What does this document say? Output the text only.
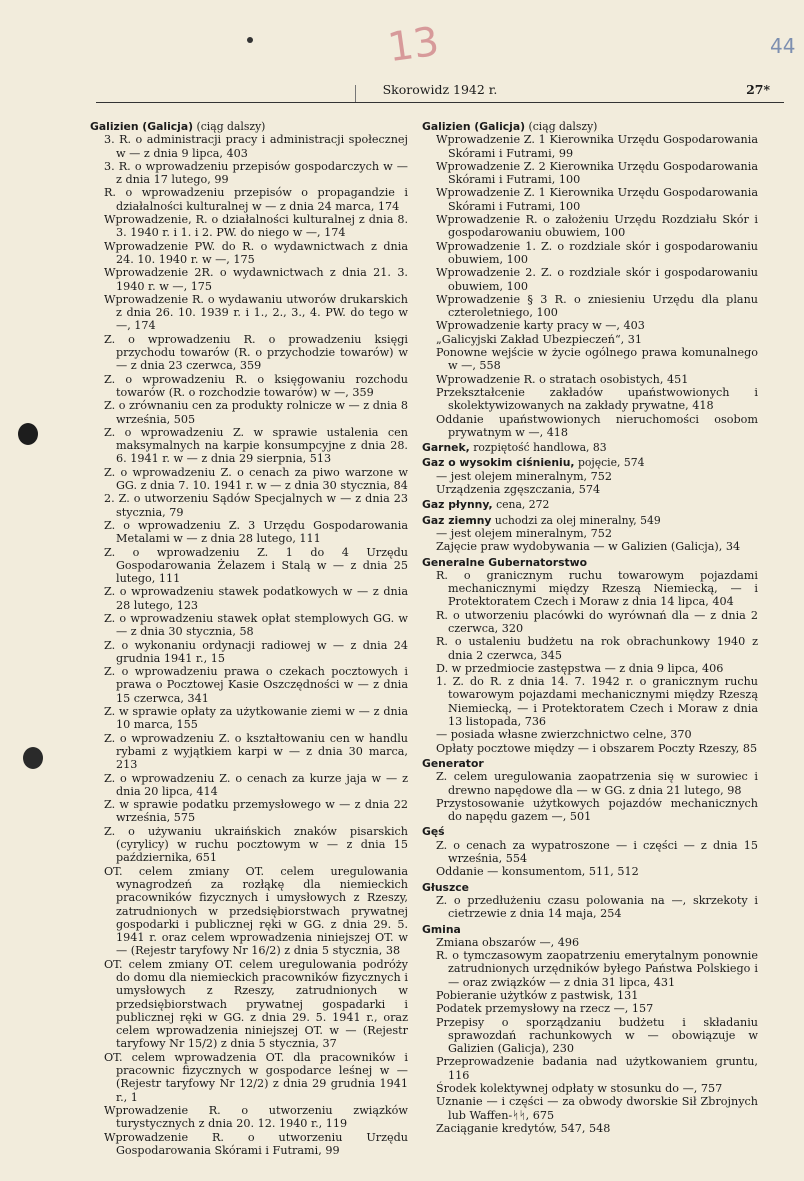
13	44
Skorowidz 1942 r.	27*
Galizien (Galicja) (ciąg dalszy)
3. R. o administracji pracy i administracji społecznej w — z dnia 9 lipca, 403
3. R. o wprowadzeniu przepisów gospodarczych w — z dnia 17 lutego, 99
R. o wprowadzeniu przepisów o propagandzie i działalności kulturalnej w — z dnia 24 marca, 174
Wprowadzenie, R. o działalności kulturalnej z dnia 8. 3. 1940 r. i 1. i 2. PW. do niego w —, 174
Wprowadzenie PW. do R. o wydawnictwach z dnia 24. 10. 1940 r. w —, 175
Wprowadzenie 2R. o wydawnictwach z dnia 21. 3. 1940 r. w —, 175
Wprowadzenie R. o wydawaniu utworów drukarskich z dnia 26. 10. 1939 r. i 1., 2., 3., 4. PW. do tego w —, 174
Z. o wprowadzeniu R. o prowadzeniu księgi przychodu towarów (R. o przychodzie towarów) w — z dnia 23 czerwca, 359
Z. o wprowadzeniu R. o księgowaniu rozchodu towarów (R. o rozchodzie towarów) w —, 359
Z. o zrównaniu cen za produkty rolnicze w — z dnia 8 września, 505
Z. o wprowadzeniu Z. w sprawie ustalenia cen maksymalnych na karpie konsumpcyjne z dnia 28. 6. 1941 r. w — z dnia 29 sierpnia, 513
Z. o wprowadzeniu Z. o cenach za piwo warzone w GG. z dnia 7. 10. 1941 r. w — z dnia 30 stycznia, 84
2. Z. o utworzeniu Sądów Specjalnych w — z dnia 23 stycznia, 79
Z. o wprowadzeniu Z. 3 Urzędu Gospodarowania Metalami w — z dnia 28 lutego, 111
Z. o wprowadzeniu Z. 1 do 4 Urzędu Gospodarowania Żelazem i Stalą w — z dnia 25 lutego, 111
Z. o wprowadzeniu stawek podatkowych w — z dnia 28 lutego, 123
Z. o wprowadzeniu stawek opłat stemplowych GG. w — z dnia 30 stycznia, 58
Z. o wykonaniu ordynacji radiowej w — z dnia 24 grudnia 1941 r., 15
Z. o wprowadzeniu prawa o czekach pocztowych i prawa o Pocztowej Kasie Oszczędności w — z dnia 15 czerwca, 341
Z. w sprawie opłaty za użytkowanie ziemi w — z dnia 10 marca, 155
Z. o wprowadzeniu Z. o kształtowaniu cen w handlu rybami z wyjątkiem karpi w — z dnia 30 marca, 213
Z. o wprowadzeniu Z. o cenach za kurze jaja w — z dnia 20 lipca, 414
Z. w sprawie podatku przemysłowego w — z dnia 22 września, 575
Z. o używaniu ukraińskich znaków pisarskich (cyrylicy) w ruchu pocztowym w — z dnia 15 października, 651
OT. celem zmiany OT. celem uregulowania wynagrodzeń za rozłąkę dla niemieckich pracowników fizycznych i umysłowych z Rzeszy, zatrudnionych w przedsiębiorstwach prywatnej gospodarki i publicznej ręki w GG. z dnia 29. 5. 1941 r. oraz celem wprowadzenia niniejszej OT. w — (Rejestr taryfowy Nr 16/2) z dnia 5 stycznia, 38
OT. celem zmiany OT. celem uregulowania podróży do domu dla niemieckich pracowników fizycznych i umysłowych z Rzeszy, zatrudnionych w przedsiębiorstwach prywatnej gospadarki i publicznej ręki w GG. z dnia 29. 5. 1941 r., oraz celem wprowadzenia niniejszej OT. w — (Rejestr taryfowy Nr 15/2) z dnia 5 stycznia, 37
OT. celem wprowadzenia OT. dla pracowników i pracownic fizycznych w gospodarce leśnej w — (Rejestr taryfowy Nr 12/2) z dnia 29 grudnia 1941 r., 1
Wprowadzenie R. o utworzeniu związków turystycznych z dnia 20. 12. 1940 r., 119
Wprowadzenie R. o utworzeniu Urzędu Gospodarowania Skórami i Futrami, 99
Galizien (Galicja) (ciąg dalszy)
Wprowadzenie Z. 1 Kierownika Urzędu Gospodarowania Skórami i Futrami, 99
Wprowadzenie Z. 2 Kierownika Urzędu Gospodarowania Skórami i Futrami, 100
Wprowadzenie Z. 1 Kierownika Urzędu Gospodarowania Skórami i Futrami, 100
Wprowadzenie R. o założeniu Urzędu Rozdziału Skór i gospodarowaniu obuwiem, 100
Wprowadzenie 1. Z. o rozdziale skór i gospodarowaniu obuwiem, 100
Wprowadzenie 2. Z. o rozdziale skór i gospodarowaniu obuwiem, 100
Wprowadzenie § 3 R. o zniesieniu Urzędu dla planu czteroletniego, 100
Wprowadzenie karty pracy w —, 403
„Galicyjski Zakład Ubezpieczeń“, 31
Ponowne wejście w życie ogólnego prawa komunalnego w —, 558
Wprowadzenie R. o stratach osobistych, 451
Przekształcenie zakładów upaństwowionych i skolektywizowanych na zakłady prywatne, 418
Oddanie upaństwowionych nieruchomości osobom prywatnym w —, 418
Garnek, rozpiętość handlowa, 83
Gaz o wysokim ciśnieniu, pojęcie, 574
— jest olejem mineralnym, 752
Urządzenia zgęszczania, 574
Gaz płynny, cena, 272
Gaz ziemny uchodzi za olej mineralny, 549
— jest olejem mineralnym, 752
Zajęcie praw wydobywania — w Galizien (Galicja), 34
Generalne Gubernatorstwo
R. o granicznym ruchu towarowym pojazdami mechanicznymi między Rzeszą Niemiecką, — i Protektoratem Czech i Moraw z dnia 14 lipca, 404
R. o utworzeniu placówki do wyrównań dla — z dnia 2 czerwca, 320
R. o ustaleniu budżetu na rok obrachunkowy 1940 z dnia 2 czerwca, 345
D. w przedmiocie zastępstwa — z dnia 9 lipca, 406
1. Z. do R. z dnia 14. 7. 1942 r. o granicznym ruchu towarowym pojazdami mechanicznymi między Rzeszą Niemiecką, — i Protektoratem Czech i Moraw z dnia 13 listopada, 736
— posiada własne zwierzchnictwo celne, 370
Opłaty pocztowe między — i obszarem Poczty Rzeszy, 85
Generator
Z. celem uregulowania zaopatrzenia się w surowiec i drewno napędowe dla — w GG. z dnia 21 lutego, 98
Przystosowanie użytkowych pojazdów mechanicznych do napędu gazem —, 501
Gęś
Z. o cenach za wypatroszone — i części — z dnia 15 września, 554
Oddanie — konsumentom, 511, 512
Głuszce
Z. o przedłużeniu czasu polowania na —, skrzekoty i cietrzewie z dnia 14 maja, 254
Gmina
Zmiana obszarów —, 496
R. o tymczasowym zaopatrzeniu emerytalnym ponownie zatrudnionych urzędników byłego Państwa Polskiego i — oraz związków — z dnia 31 lipca, 431
Pobieranie użytków z pastwisk, 131
Podatek przemysłowy na rzecz —, 157
Przepisy o sporządzaniu budżetu i składaniu sprawozdań rachunkowych w — obowiązuje w Galizien (Galicja), 230
Przeprowadzenie badania nad użytkowaniem gruntu, 116
Środek kolektywnej odpłaty w stosunku do —, 757
Uznanie — i części — za obwody dworskie Sił Zbrojnych lub Waffen-ᛋᛋ, 675
Zaciąganie kredytów, 547, 548
